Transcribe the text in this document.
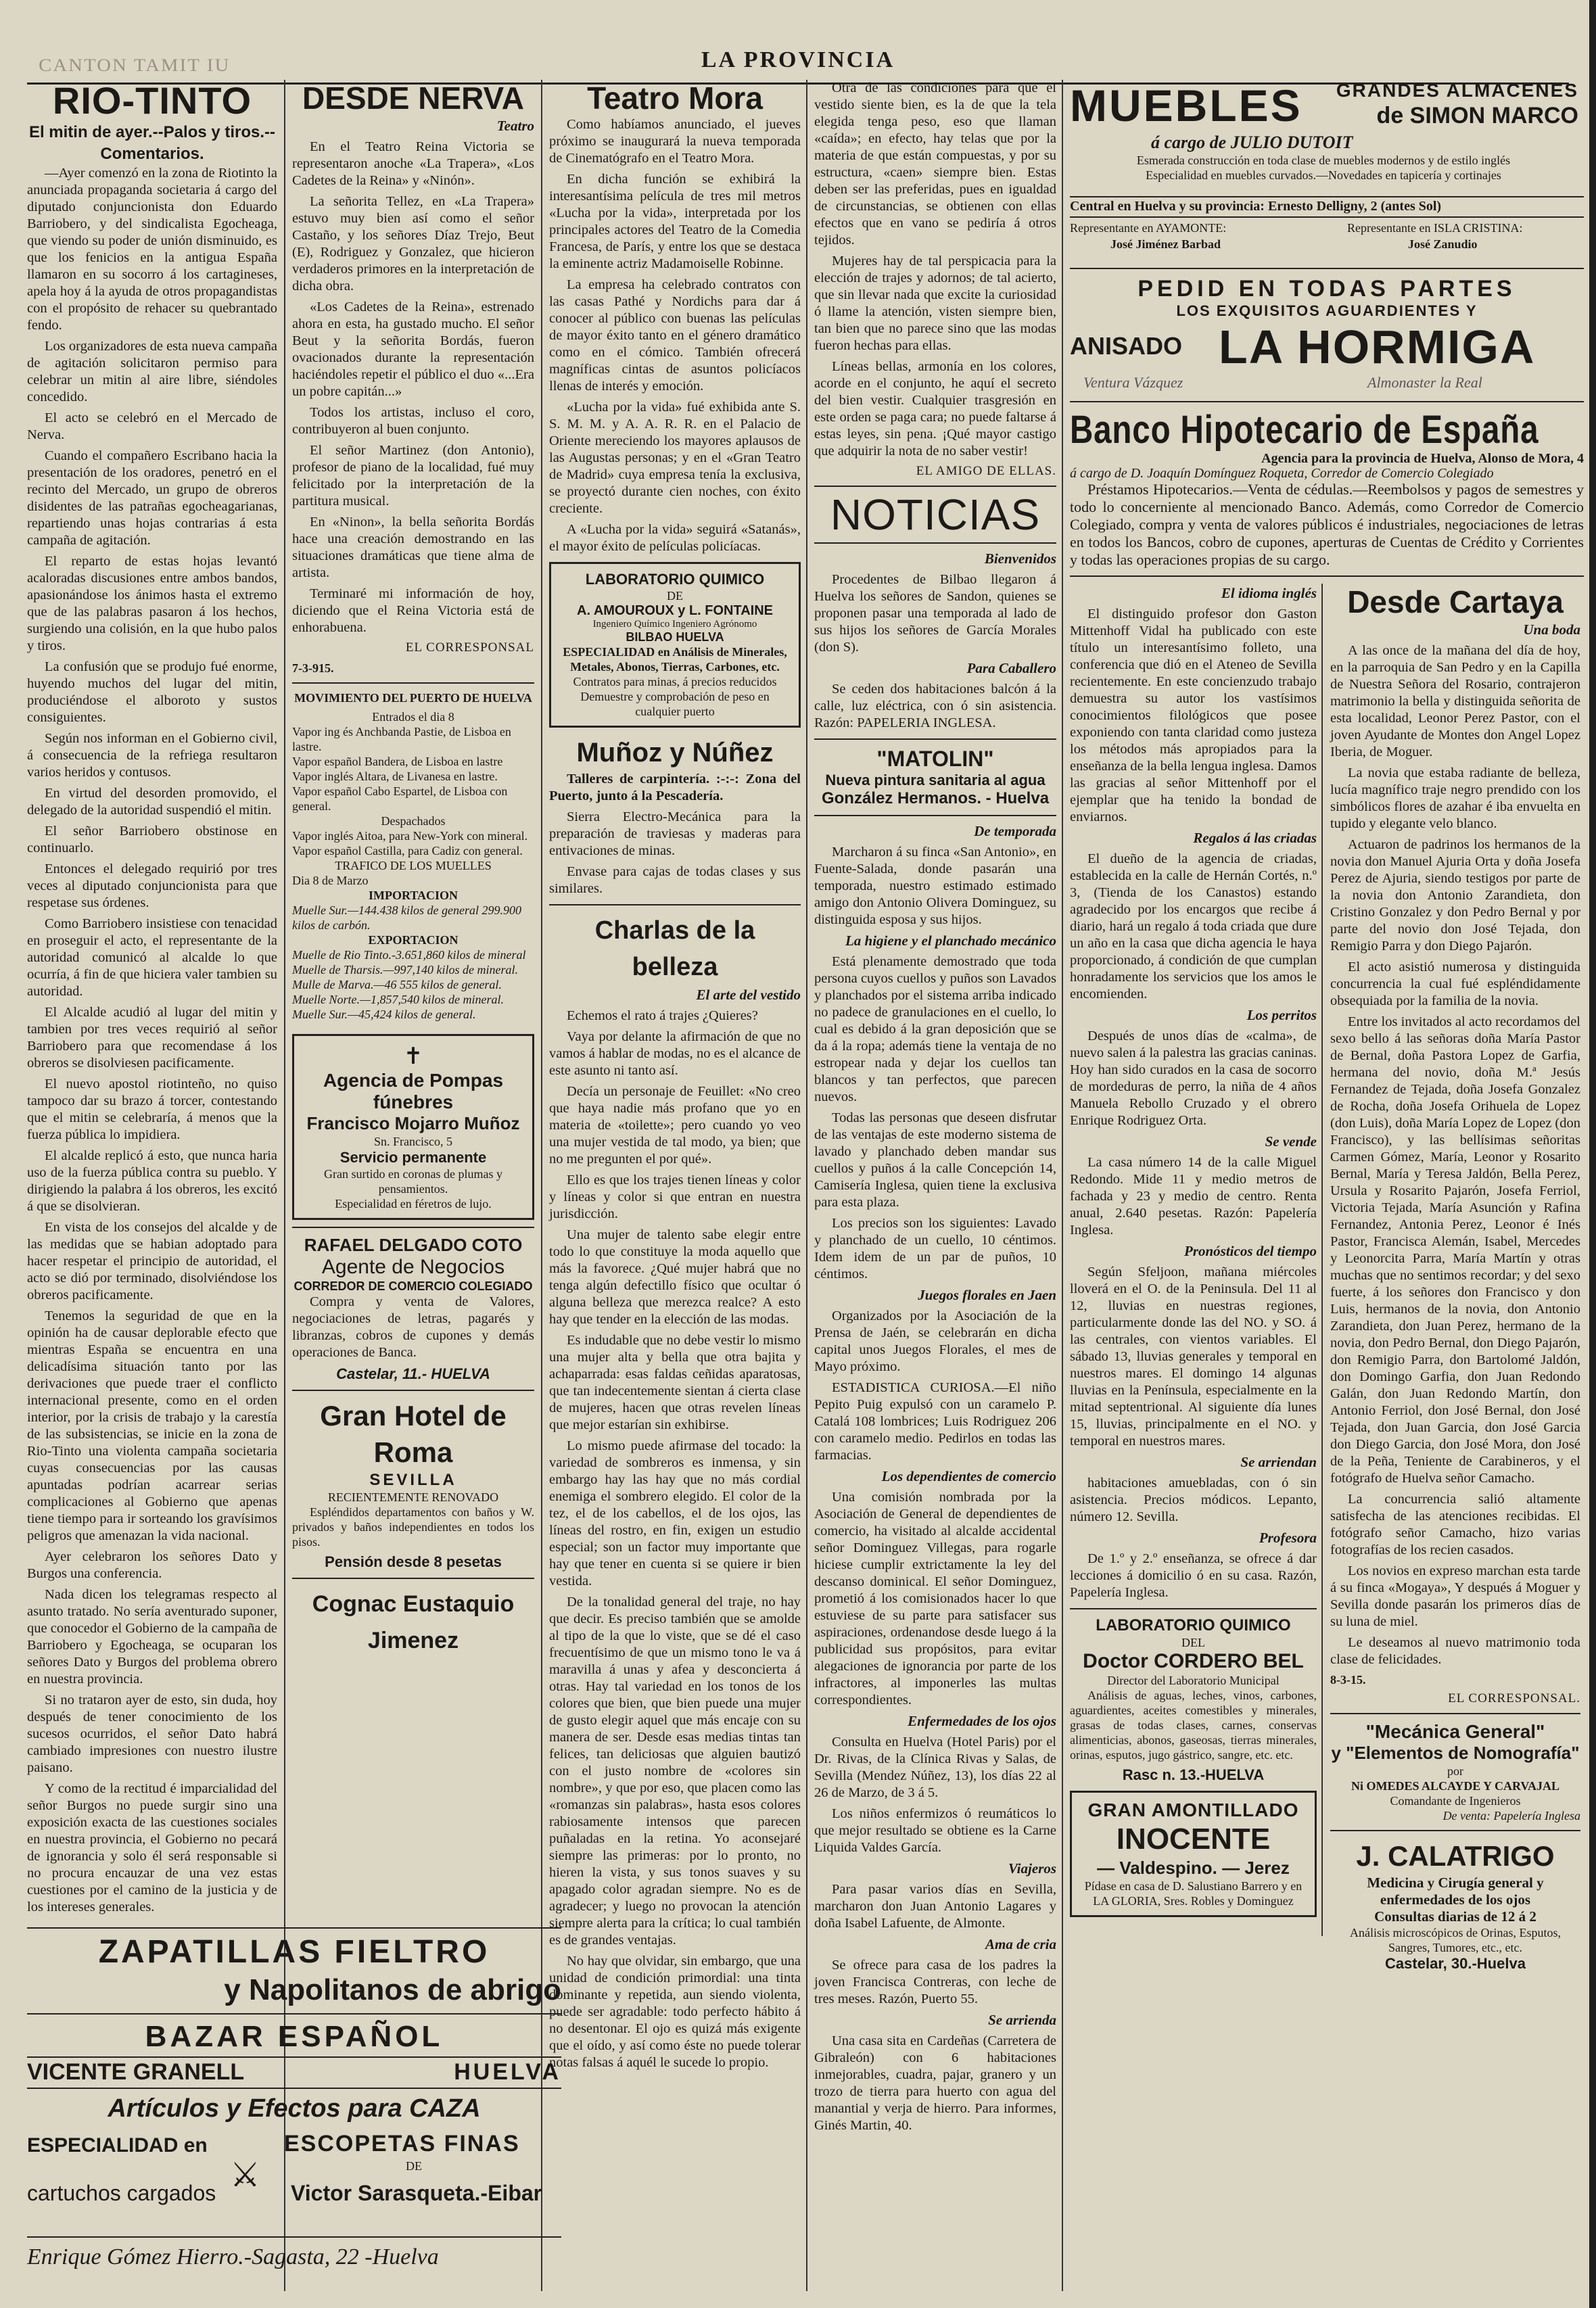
CANTON TAMIT IU	LA PROVINCIA
RIO-TINTO
El mitin de ayer.--Palos y tiros.-- Comentarios.

—Ayer comenzó en la zona de Riotinto la anunciada propaganda societaria á cargo del diputado conjuncionista don Eduardo Barriobero, y del sindicalista Egocheaga, que viendo su poder de unión disminuido, es que los fenicios en la antigua España llamaron en su socorro á los cartagineses, apela hoy á la ayuda de otros propagandistas con el propósito de rehacer su quebrantado fendo.

Los organizadores de esta nueva campaña de agitación solicitaron permiso para celebrar un mitin al aire libre, siéndoles concedido.

El acto se celebró en el Mercado de Nerva.

Cuando el compañero Escribano hacia la presentación de los oradores, penetró en el recinto del Mercado, un grupo de obreros disidentes de las patrañas egocheagarianas, repartiendo unas hojas contrarias á esta campaña de agitación.

El reparto de estas hojas levantó acaloradas discusiones entre ambos bandos, apasionándose los ánimos hasta el extremo que de las palabras pasaron á los hechos, surgiendo una colisión, en la que hubo palos y tiros.

La confusión que se produjo fué enorme, huyendo muchos del lugar del mitin, produciéndose el alboroto y sustos consiguientes.

Según nos informan en el Gobierno civil, á consecuencia de la refriega resultaron varios heridos y contusos.

En virtud del desorden promovido, el delegado de la autoridad suspendió el mitin.

El señor Barriobero obstinose en continuarlo.

Entonces el delegado requirió por tres veces al diputado conjuncionista para que respetase sus órdenes.

Como Barriobero insistiese con tenacidad en proseguir el acto, el representante de la autoridad comunicó al alcalde lo que ocurría, á fin de que hiciera valer tambien su autoridad.

El Alcalde acudió al lugar del mitin y tambien por tres veces requirió al señor Barriobero para que recomendase á los obreros se disolviesen pacificamente.

El nuevo apostol riotinteño, no quiso tampoco dar su brazo á torcer, contestando que el mitin se celebraría, á menos que la fuerza pública lo impidiera.

El alcalde replicó á esto, que nunca haria uso de la fuerza pública contra su pueblo. Y dirigiendo la palabra á los obreros, les excitó á que se disolvieran.

En vista de los consejos del alcalde y de las medidas que se habian adoptado para hacer respetar el principio de autoridad, el acto se dió por terminado, disolviéndose los obreros pacificamente.

Tenemos la seguridad de que en la opinión ha de causar deplorable efecto que mientras España se encuentra en una delicadísima situación tanto por las derivaciones que puede traer el conflicto internacional presente, como en el orden interior, por la crisis de trabajo y la carestía de las subsistencias, se inicie en la zona de Rio-Tinto una violenta campaña societaria cuyas consecuencias por las causas apuntadas podrían acarrear serias complicaciones al Gobierno que apenas tiene tiempo para ir sorteando los gravísimos peligros que amenazan la vida nacional.

Ayer celebraron los señores Dato y Burgos una conferencia.

Nada dicen los telegramas respecto al asunto tratado. No sería aventurado suponer, que conocedor el Gobierno de la campaña de Barriobero y Egocheaga, se ocuparan los señores Dato y Burgos del problema obrero en nuestra provincia.

Si no trataron ayer de esto, sin duda, hoy después de tener conocimiento de los sucesos ocurridos, el señor Dato habrá cambiado impresiones con nuestro ilustre paisano.

Y como de la rectitud é imparcialidad del señor Burgos no puede surgir sino una exposición exacta de las cuestiones sociales en nuestra provincia, el Gobierno no pecará de ignorancia y solo él será responsable si no procura encauzar de una vez estas cuestiones por el camino de la justicia y de los intereses generales.

DESDE NERVA
Teatro

En el Teatro Reina Victoria se representaron anoche «La Trapera», «Los Cadetes de la Reina» y «Ninón».

La señorita Tellez, en «La Trapera» estuvo muy bien así como el señor Castaño, y los señores Díaz Trejo, Beut (E), Rodriguez y Gonzalez, que hicieron verdaderos primores en la interpretación de dicha obra.

«Los Cadetes de la Reina», estrenado ahora en esta, ha gustado mucho. El señor Beut y la señorita Bordás, fueron ovacionados durante la representación haciéndoles repetir el público el duo «...Era un pobre capitán...»

Todos los artistas, incluso el coro, contribuyeron al buen conjunto.

El señor Martinez (don Antonio), profesor de piano de la localidad, fué muy felicitado por la interpretación de la partitura musical.

En «Ninon», la bella señorita Bordás hace una creación demostrando en las situaciones dramáticas que tiene alma de artista.

Terminaré mi información de hoy, diciendo que el Reina Victoria está de enhorabuena.

EL CORRESPONSAL
7-3-915.
MOVIMIENTO DEL PUERTO DE HUELVA
Entrados el dia 8
Vapor ing és Anchbanda Pastie, de Lisboa en lastre.
Vapor español Bandera, de Lisboa en lastre
Vapor inglés Altara, de Livanesa en lastre.
Vapor español Cabo Espartel, de Lisboa con general.
Despachados
Vapor inglés Aitoa, para New-York con mineral.
Vapor español Castilla, para Cadiz con general.
TRAFICO DE LOS MUELLES
Dia 8 de Marzo
IMPORTACION
Muelle Sur.—144.438 kilos de general 299.900 kilos de carbón.
EXPORTACION
Muelle de Rio Tinto.-3.651,860 kilos de mineral
Muelle de Tharsis.—997,140 kilos de mineral.
Mulle de Marva.—46 555 kilos de general.
Muelle Norte.—1,857,540 kilos de mineral.
Muelle Sur.—45,424 kilos de general.
✝
Agencia de Pompas fúnebres
Francisco Mojarro Muñoz
Sn. Francisco, 5
Servicio permanente
Gran surtido en coronas de plumas y pensamientos.
Especialidad en féretros de lujo.
RAFAEL DELGADO COTO
Agente de Negocios
CORREDOR DE COMERCIO COLEGIADO

Compra y venta de Valores, negociaciones de letras, pagarés y libranzas, cobros de cupones y demás operaciones de Banca.

Castelar, 11.- HUELVA
Gran Hotel de Roma
SEVILLA
RECIENTEMENTE RENOVADO

Espléndidos departamentos con baños y W. privados y baños independientes en todos los pisos.

Pensión desde 8 pesetas
Cognac Eustaquio Jimenez
Teatro Mora

Como habíamos anunciado, el jueves próximo se inaugurará la nueva temporada de Cinematógrafo en el Teatro Mora.

En dicha función se exhibirá la interesantísima película de tres mil metros «Lucha por la vida», interpretada por los principales actores del Teatro de la Comedia Francesa, de París, y entre los que se destaca la eminente actriz Madamoiselle Robinne.

La empresa ha celebrado contratos con las casas Pathé y Nordichs para dar á conocer al público con buenas las películas de mayor éxito tanto en el género dramático como en el cómico. También ofrecerá magníficas cintas de asuntos policíacos llenas de interés y emoción.

«Lucha por la vida» fué exhibida ante S. S. M. M. y A. A. R. R. en el Palacio de Oriente mereciendo los mayores aplausos de las Augustas personas; y en el «Gran Teatro de Madrid» cuya empresa tenía la exclusiva, se proyectó durante cien noches, con éxito creciente.

A «Lucha por la vida» seguirá «Satanás», el mayor éxito de películas policíacas.

LABORATORIO QUIMICO
DE
A. AMOUROUX y L. FONTAINE
Ingeniero Químico Ingeniero Agrónomo
BILBAO HUELVA
ESPECIALIDAD en Análisis de Minerales, Metales, Abonos, Tierras, Carbones, etc.
Contratos para minas, á precios reducidos
Demuestre y comprobación de peso en cualquier puerto
Muñoz y Núñez

Talleres de carpintería. :-:-: Zona del Puerto, junto á la Pescadería.

Sierra Electro-Mecánica para la preparación de traviesas y maderas para entivaciones de minas.

Envase para cajas de todas clases y sus similares.

Charlas de la belleza
El arte del vestido

Echemos el rato á trajes ¿Quieres?

Vaya por delante la afirmación de que no vamos á hablar de modas, no es el alcance de este asunto ni tanto así.

Decía un personaje de Feuillet: «No creo que haya nadie más profano que yo en materia de «toilette»; pero cuando yo veo una mujer vestida de tal modo, ya bien; que no me pregunten el por qué».

Ello es que los trajes tienen líneas y color y líneas y color si que entran en nuestra jurisdicción.

Una mujer de talento sabe elegir entre todo lo que constituye la moda aquello que más la favorece. ¿Qué mujer habrá que no tenga algún defectillo físico que ocultar ó alguna belleza que merezca realce? A esto hay que tender en la elección de las modas.

Es indudable que no debe vestir lo mismo una mujer alta y bella que otra bajita y achaparrada: esas faldas ceñidas aparatosas, que tan indecentemente sientan á cierta clase de mujeres, hacen que otras revelen líneas que mejor estarían sin exhibirse.

Lo mismo puede afirmase del tocado: la variedad de sombreros es inmensa, y sin embargo hay las hay que no más cordial enemiga el sombrero elegido. El color de la tez, el de los cabellos, el de los ojos, las líneas del rostro, en fin, exigen un estudio especial; son un factor muy importante que hay que tener en cuenta si se quiere ir bien vestida.

De la tonalidad general del traje, no hay que decir. Es preciso también que se amolde al tipo de la que lo viste, que se dé el caso frecuentísimo de que un mismo tono le va á maravilla á unas y afea y desconcierta á otras. Hay tal variedad en los tonos de los colores que bien, que bien puede una mujer de gusto elegir aquel que más encaje con su manera de ser. Desde esas medias tintas tan felices, tan deliciosas que alguien bautizó con el justo nombre de «colores sin nombre», y que por eso, que placen como las «romanzas sin palabras», hasta esos colores rabiosamente intensos que parecen puñaladas en la retina. Yo aconsejaré siempre las primeras: por lo pronto, no hieren la vista, y sus tonos suaves y su apagado color agradan siempre. No es de agradecer; y luego no provocan la atención siempre alerta para la crítica; lo cual también es de grandes ventajas.

No hay que olvidar, sin embargo, que una unidad de condición primordial: una tinta dominante y repetida, aun siendo violenta, puede ser agradable: todo perfecto hábito á no desentonar. El ojo es quizá más exigente que el oído, y así como éste no puede tolerar notas falsas á aquél le sucede lo propio.

Otra de las condiciones para que el vestido siente bien, es la de que la tela elegida tenga peso, eso que llaman «caída»; en efecto, hay telas que por la materia de que están compuestas, y por su estructura, «caen» siempre bien. Estas deben ser las preferidas, pues en igualdad de circunstancias, se obtienen con ellas efectos que en vano se pediría á otros tejidos.

Mujeres hay de tal perspicacia para la elección de trajes y adornos; de tal acierto, que sin llevar nada que excite la curiosidad ó llame la atención, visten siempre bien, tan bien que no parece sino que las modas fueron hechas para ellas.

Líneas bellas, armonía en los colores, acorde en el conjunto, he aquí el secreto del bien vestir. Cualquier trasgresión en este orden se paga cara; no puede faltarse á estas leyes, sin pena. ¡Qué mayor castigo que adquirir la nota de no saber vestir!

EL AMIGO DE ELLAS.
NOTICIAS
Bienvenidos

Procedentes de Bilbao llegaron á Huelva los señores de Sandon, quienes se proponen pasar una temporada al lado de sus hijos los señores de García Morales (don S).

Para Caballero

Se ceden dos habitaciones balcón á la calle, luz eléctrica, con ó sin asistencia. Razón: PAPELERIA INGLESA.

"MATOLIN"
Nueva pintura sanitaria al agua
González Hermanos. - Huelva
De temporada

Marcharon á su finca «San Antonio», en Fuente-Salada, donde pasarán una temporada, nuestro estimado estimado amigo don Antonio Olivera Dominguez, su distinguida esposa y sus hijos.

La higiene y el planchado mecánico

Está plenamente demostrado que toda persona cuyos cuellos y puños son Lavados y planchados por el sistema arriba indicado no padece de granulaciones en el cuello, lo cual es debido á la gran deposición que se da á la ropa; además tiene la ventaja de no estropear nada y dejar los cuellos tan blancos y tan perfectos, que parecen nuevos.

Todas las personas que deseen disfrutar de las ventajas de este moderno sistema de lavado y planchado deben mandar sus cuellos y puños á la calle Concepción 14, Camisería Inglesa, quien tiene la exclusiva para esta plaza.

Los precios son los siguientes: Lavado y planchado de un cuello, 10 céntimos. Idem idem de un par de puños, 10 céntimos.

Juegos florales en Jaen

Organizados por la Asociación de la Prensa de Jaén, se celebrarán en dicha capital unos Juegos Florales, el mes de Mayo próximo.

ESTADISTICA CURIOSA.—El niño Pepito Puig expulsó con un caramelo P. Catalá 108 lombrices; Luis Rodriguez 206 con caramelo medio. Pedirlos en todas las farmacias.

Los dependientes de comercio

Una comisión nombrada por la Asociación de General de dependientes de comercio, ha visitado al alcalde accidental señor Dominguez Villegas, para rogarle hiciese cumplir extrictamente la ley del descanso dominical. El señor Dominguez, prometió á los comisionados hacer lo que estuviese de su parte para satisfacer sus aspiraciones, ordenandose desde luego á la publicidad sus propósitos, para evitar alegaciones de ignorancia por parte de los infractores, al imponerles las multas correspondientes.

Enfermedades de los ojos

Consulta en Huelva (Hotel Paris) por el Dr. Rivas, de la Clínica Rivas y Salas, de Sevilla (Mendez Núñez, 13), los días 22 al 26 de Marzo, de 3 á 5.

Los niños enfermizos ó reumáticos lo que mejor resultado se obtiene es la Carne Liquida Valdes García.

Viajeros

Para pasar varios días en Sevilla, marcharon don Juan Antonio Lagares y doña Isabel Lafuente, de Almonte.

Ama de cria

Se ofrece para casa de los padres la joven Francisca Contreras, con leche de tres meses. Razón, Puerto 55.

Se arrienda

Una casa sita en Cardeñas (Carretera de Gibraleón) con 6 habitaciones inmejorables, cuadra, pajar, granero y un trozo de tierra para huerto con agua del manantial y verja de hierro. Para informes, Ginés Martin, 40.

MUEBLES GRANDES ALMACENES
de SIMON MARCO
á cargo de JULIO DUTOIT
Esmerada construcción en toda clase de muebles modernos y de estilo inglés
Especialidad en muebles curvados.—Novedades en tapicería y cortinajes
Central en Huelva y su provincia: Ernesto Delligny, 2 (antes Sol)
Representante en AYAMONTE:
José Jiménez Barbad
Representante en ISLA CRISTINA:
José Zanudio
PEDID EN TODAS PARTES
LOS EXQUISITOS AGUARDIENTES Y
ANISADO LA HORMIGA
Ventura Vázquez	Almonaster la Real
Banco Hipotecario de España
Agencia para la provincia de Huelva, Alonso de Mora, 4
á cargo de D. Joaquín Domínguez Roqueta, Corredor de Comercio Colegiado

Préstamos Hipotecarios.—Venta de cédulas.—Reembolsos y pagos de semestres y todo lo concerniente al mencionado Banco. Además, como Corredor de Comercio Colegiado, compra y venta de valores públicos é industriales, negociaciones de letras en todos los Bancos, cobro de cupones, aperturas de Cuentas de Crédito y Corrientes y todas las operaciones propias de su cargo.

El idioma inglés

El distinguido profesor don Gaston Mittenhoff Vidal ha publicado con este título un interesantísimo folleto, una conferencia que dió en el Ateneo de Sevilla recientemente. En este concienzudo trabajo demuestra su autor los vastísimos conocimientos filológicos que posee exponiendo con tanta claridad como justeza los métodos más apropiados para la enseñanza de la bella lengua inglesa. Damos las gracias al señor Mittenhoff por el ejemplar que ha tenido la bondad de enviarnos.

Regalos á las criadas

El dueño de la agencia de criadas, establecida en la calle de Hernán Cortés, n.º 3, (Tienda de los Canastos) estando agradecido por los encargos que recibe á diario, hará un regalo á toda criada que dure un año en la casa que dicha agencia le haya proporcionado, á condición de que cumplan honradamente los servicios que los amos le encomienden.

Los perritos

Después de unos días de «calma», de nuevo salen á la palestra las gracias caninas. Hoy han sido curados en la casa de socorro de mordeduras de perro, la niña de 4 años Manuela Rebollo Cruzado y el obrero Enrique Rodriguez Orta.

Se vende

La casa número 14 de la calle Miguel Redondo. Mide 11 y medio metros de fachada y 23 y medio de centro. Renta anual, 2.640 pesetas. Razón: Papelería Inglesa.

Pronósticos del tiempo

Según Sfeljoon, mañana miércoles lloverá en el O. de la Peninsula. Del 11 al 12, lluvias en nuestras regiones, particularmente donde las del NO. y SO. á las centrales, con vientos variables. El sábado 13, lluvias generales y temporal en nuestros mares. El domingo 14 algunas lluvias en la Península, especialmente en la mitad septentrional. Al siguiente día lunes 15, lluvias, principalmente en el NO. y temporal en nuestros mares.

Se arriendan

habitaciones amuebladas, con ó sin asistencia. Precios módicos. Lepanto, número 12. Sevilla.

Profesora

De 1.º y 2.º enseñanza, se ofrece á dar lecciones á domicilio ó en su casa. Razón, Papelería Inglesa.

LABORATORIO QUIMICO
DEL
Doctor CORDERO BEL
Director del Laboratorio Municipal

Análisis de aguas, leches, vinos, carbones, aguardientes, aceites comestibles y minerales, grasas de todas clases, carnes, conservas alimenticias, abonos, gaseosas, tierras minerales, orinas, esputos, jugo gástrico, sangre, etc. etc.

Rasc n. 13.-HUELVA
GRAN AMONTILLADO
INOCENTE
— Valdespino. — Jerez
Pídase en casa de D. Salustiano Barrero y en LA GLORIA, Sres. Robles y Dominguez
Desde Cartaya
Una boda

A las once de la mañana del día de hoy, en la parroquia de San Pedro y en la Capilla de Nuestra Señora del Rosario, contrajeron matrimonio la bella y distinguida señorita de esta localidad, Leonor Perez Pastor, con el joven Ayudante de Montes don Angel Lopez Iberia, de Moguer.

La novia que estaba radiante de belleza, lucía magnífico traje negro prendido con los simbólicos flores de azahar é iba envuelta en tupido y elegante velo blanco.

Actuaron de padrinos los hermanos de la novia don Manuel Ajuria Orta y doña Josefa Perez de Ajuria, siendo testigos por parte de la novia don Antonio Zarandieta, don Cristino Gonzalez y don Pedro Bernal y por parte del novio don José Tejada, don Remigio Parra y don Diego Pajarón.

El acto asistió numerosa y distinguida concurrencia la cual fué espléndidamente obsequiada por la familia de la novia.

Entre los invitados al acto recordamos del sexo bello á las señoras doña María Pastor de Bernal, doña Pastora Lopez de Garfia, hermana del novio, doña M.ª Jesús Fernandez de Tejada, doña Josefa Gonzalez de Rocha, doña Josefa Orihuela de Lopez (don Luis), doña María Lopez de Lopez (don Francisco), y las bellísimas señoritas Carmen Gómez, María, Leonor y Rosarito Bernal, María y Teresa Jaldón, Bella Perez, Ursula y Rosarito Pajarón, Josefa Ferriol, Victoria Tejada, María Asunción y Rafina Fernandez, Antonia Perez, Leonor é Inés Pastor, Francisca Alemán, Isabel, Mercedes y Leonorcita Parra, María Martín y otras muchas que no sentimos recordar; y del sexo fuerte, á los señores don Francisco y don Luis, hermanos de la novia, don Antonio Zarandieta, don Juan Perez, hermano de la novia, don Pedro Bernal, don Diego Pajarón, don Remigio Parra, don Bartolomé Jaldón, don Domingo Garfia, don Juan Redondo Galán, don Juan Redondo Martín, don Antonio Ferriol, don José Bernal, don José Tejada, don Juan Garcia, don José Garcia don Diego Garcia, don José Mora, don José de la Peña, Teniente de Carabineros, y el fotógrafo de Huelva señor Camacho.

La concurrencia salió altamente satisfecha de las atenciones recibidas. El fotógrafo señor Camacho, hizo varias fotografías de los recien casados.

Los novios en expreso marchan esta tarde á su finca «Mogaya», Y después á Moguer y Sevilla donde pasarán los primeros días de su luna de miel.

Le deseamos al nuevo matrimonio toda clase de felicidades.

8-3-15.
EL CORRESPONSAL.
"Mecánica General"
y "Elementos de Nomografía"
por
Ni OMEDES ALCAYDE Y CARVAJAL
Comandante de Ingenieros
De venta: Papelería Inglesa
J. CALATRIGO
Medicina y Cirugía general y enfermedades de los ojos
Consultas diarias de 12 á 2
Análisis microscópicos de Orinas, Esputos, Sangres, Tumores, etc., etc.
Castelar, 30.-Huelva
ZAPATILLAS FIELTRO
y Napolitanos de abrigo
BAZAR ESPAÑOL
VICENTE GRANELL	HUELVA
Artículos y Efectos para CAZA
ESPECIALIDAD en	ESCOPETAS FINAS
DE
⚔
cartuchos cargados	Victor Sarasqueta.-Eibar
Enrique Gómez Hierro.-Sagasta, 22 -Huelva
